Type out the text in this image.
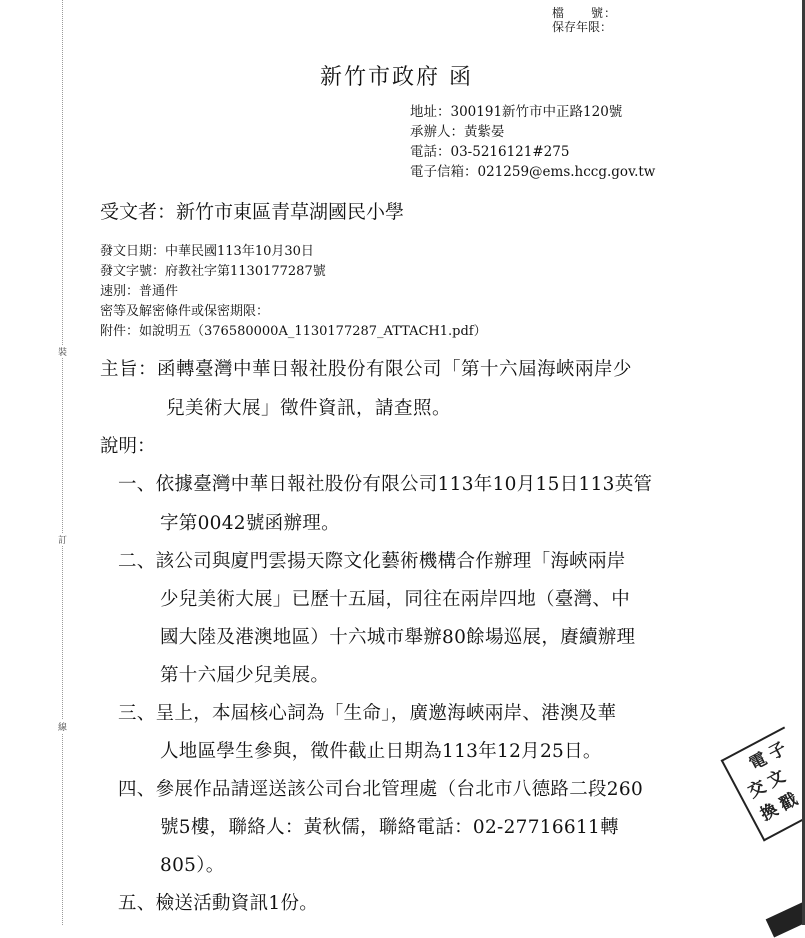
裝
訂
線
檔　　號：
保存年限：
新竹市政府 函
地址：300191新竹市中正路120號
承辦人：黃紫晏
電話：03-5216121#275
電子信箱：021259@ems.hccg.gov.tw
受文者：新竹市東區青草湖國民小學
發文日期：中華民國113年10月30日
發文字號：府教社字第1130177287號
速別：普通件
密等及解密條件或保密期限：
附件：如說明五（376580000A_1130177287_ATTACH1.pdf）
主旨：函轉臺灣中華日報社股份有限公司「第十六屆海峽兩岸少
兒美術大展」徵件資訊，請查照。
說明：
一、依據臺灣中華日報社股份有限公司113年10月15日113英管
字第0042號函辦理。
二、該公司與廈門雲揚天際文化藝術機構合作辦理「海峽兩岸
少兒美術大展」已歷十五屆，同往在兩岸四地（臺灣、中
國大陸及港澳地區）十六城市舉辦80餘場巡展，賡續辦理
第十六屆少兒美展。
三、呈上，本屆核心詞為「生命」，廣邀海峽兩岸、港澳及華
人地區學生參與，徵件截止日期為113年12月25日。
四、參展作品請逕送該公司台北管理處（台北市八德路二段260
號5樓，聯絡人：黃秋儒，聯絡電話：02-27716611轉
805）。
五、檢送活動資訊1份。
電
子
交
文
換
戳
